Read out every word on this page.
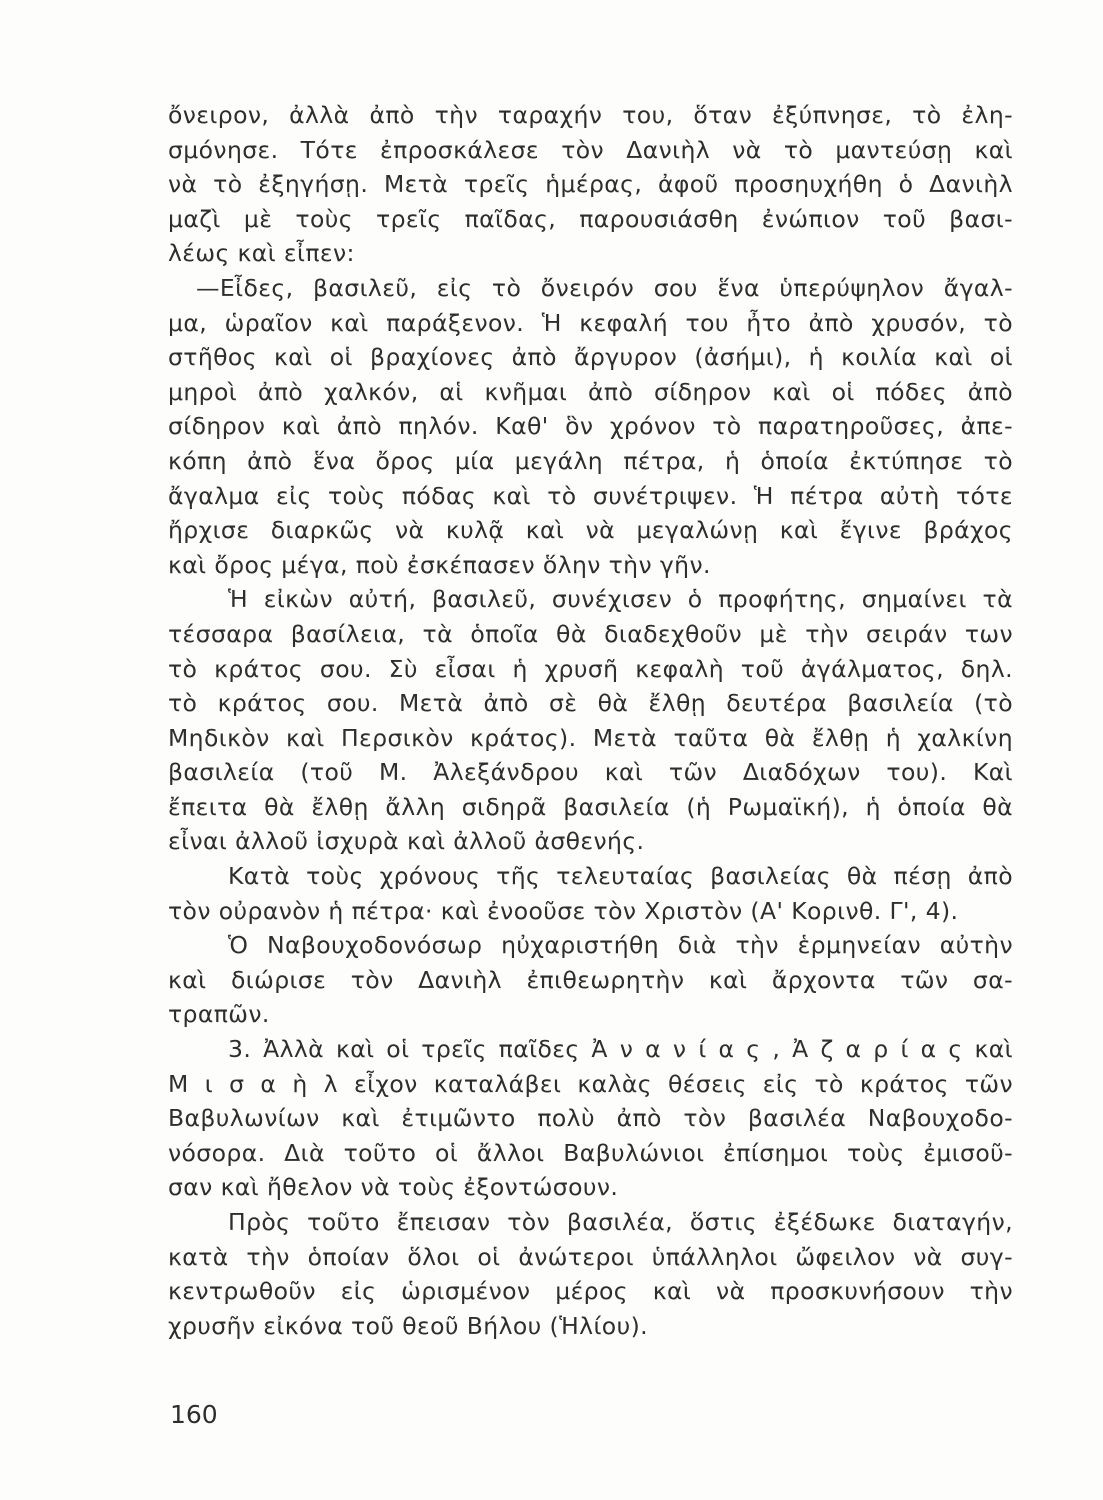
ὄνειρον, ἀλλὰ ἀπὸ τὴν ταραχήν του, ὅταν ἐξύπνησε, τὸ ἐλη-
σμόνησε. Τότε ἐπροσκάλεσε τὸν Δανιὴλ νὰ τὸ μαντεύσῃ καὶ
νὰ τὸ ἐξηγήσῃ. Μετὰ τρεῖς ἡμέρας, ἀφοῦ προσηυχήθη ὁ Δανιὴλ
μαζὶ μὲ τοὺς τρεῖς παῖδας, παρουσιάσθη ἐνώπιον τοῦ βασι-
λέως καὶ εἶπεν:
—Εἶδες, βασιλεῦ, εἰς τὸ ὄνειρόν σου ἕνα ὑπερύψηλον ἄγαλ-
μα, ὡραῖον καὶ παράξενον. Ἡ κεφαλή του ἦτο ἀπὸ χρυσόν, τὸ
στῆθος καὶ οἱ βραχίονες ἀπὸ ἄργυρον (ἀσήμι), ἡ κοιλία καὶ οἱ
μηροὶ ἀπὸ χαλκόν, αἱ κνῆμαι ἀπὸ σίδηρον καὶ οἱ πόδες ἀπὸ
σίδηρον καὶ ἀπὸ πηλόν. Καθ' ὃν χρόνον τὸ παρατηροῦσες, ἀπε-
κόπη ἀπὸ ἕνα ὄρος μία μεγάλη πέτρα, ἡ ὁποία ἐκτύπησε τὸ
ἄγαλμα εἰς τοὺς πόδας καὶ τὸ συνέτριψεν. Ἡ πέτρα αὐτὴ τότε
ἤρχισε διαρκῶς νὰ κυλᾷ καὶ νὰ μεγαλώνῃ καὶ ἔγινε βράχος
καὶ ὄρος μέγα, ποὺ ἐσκέπασεν ὅλην τὴν γῆν.
Ἡ εἰκὼν αὐτή, βασιλεῦ, συνέχισεν ὁ προφήτης, σημαίνει τὰ
τέσσαρα βασίλεια, τὰ ὁποῖα θὰ διαδεχθοῦν μὲ τὴν σειράν των
τὸ κράτος σου. Σὺ εἶσαι ἡ χρυσῆ κεφαλὴ τοῦ ἀγάλματος, δηλ.
τὸ κράτος σου. Μετὰ ἀπὸ σὲ θὰ ἔλθῃ δευτέρα βασιλεία (τὸ
Μηδικὸν καὶ Περσικὸν κράτος). Μετὰ ταῦτα θὰ ἔλθῃ ἡ χαλκίνη
βασιλεία (τοῦ Μ. Ἀλεξάνδρου καὶ τῶν Διαδόχων του). Καὶ
ἔπειτα θὰ ἔλθῃ ἄλλη σιδηρᾶ βασιλεία (ἡ Ρωμαϊκή), ἡ ὁποία θὰ
εἶναι ἀλλοῦ ἰσχυρὰ καὶ ἀλλοῦ ἀσθενής.
Κατὰ τοὺς χρόνους τῆς τελευταίας βασιλείας θὰ πέσῃ ἀπὸ
τὸν οὐρανὸν ἡ πέτρα· καὶ ἐνοοῦσε τὸν Χριστὸν (Α' Κορινθ. Γ', 4).
Ὁ Ναβουχοδονόσωρ ηὐχαριστήθη διὰ τὴν ἑρμηνείαν αὐτὴν
καὶ διώρισε τὸν Δανιὴλ ἐπιθεωρητὴν καὶ ἄρχοντα τῶν σα-
τραπῶν.
3. Ἀλλὰ καὶ οἱ τρεῖς παῖδες Ἀ ν α ν ί α ς , Ἀ ζ α ρ ί α ς καὶ
Μ ι σ α ὴ λ εἶχον καταλάβει καλὰς θέσεις εἰς τὸ κράτος τῶν
Βαβυλωνίων καὶ ἐτιμῶντο πολὺ ἀπὸ τὸν βασιλέα Ναβουχοδο-
νόσορα. Διὰ τοῦτο οἱ ἄλλοι Βαβυλώνιοι ἐπίσημοι τοὺς ἐμισοῦ-
σαν καὶ ἤθελον νὰ τοὺς ἐξοντώσουν.
Πρὸς τοῦτο ἔπεισαν τὸν βασιλέα, ὅστις ἐξέδωκε διαταγήν,
κατὰ τὴν ὁποίαν ὅλοι οἱ ἀνώτεροι ὑπάλληλοι ὤφειλον νὰ συγ-
κεντρωθοῦν εἰς ὡρισμένον μέρος καὶ νὰ προσκυνήσουν τὴν
χρυσῆν εἰκόνα τοῦ θεοῦ Βήλου (Ἡλίου).
160
